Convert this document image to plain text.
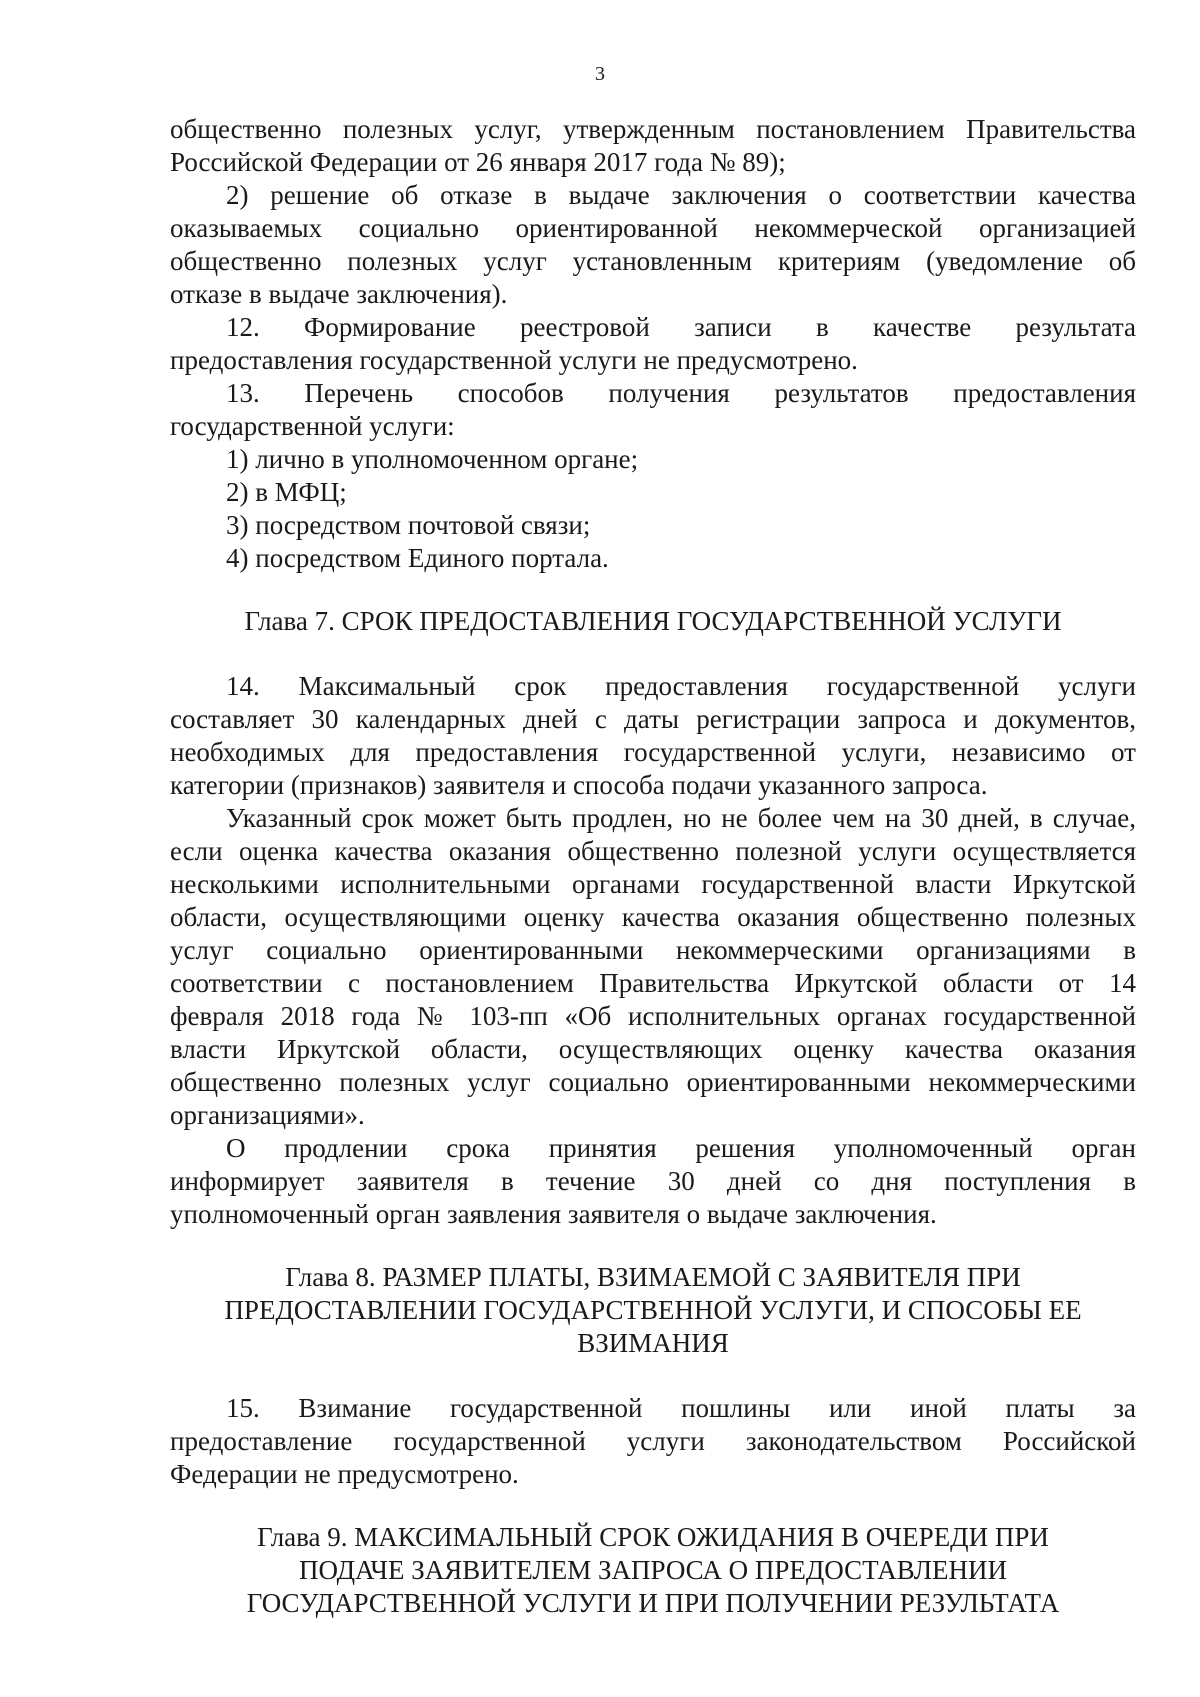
3

общественно полезных услуг, утвержденным постановлением Правительства

Российской Федерации от 26 января 2017 года № 89);

2) решение об отказе в выдаче заключения о соответствии качества

оказываемых социально ориентированной некоммерческой организацией

общественно полезных услуг установленным критериям (уведомление об

отказе в выдаче заключения).

12. Формирование реестровой записи в качестве результата

предоставления государственной услуги не предусмотрено.

13. Перечень способов получения результатов предоставления

государственной услуги:

1) лично в уполномоченном органе;

2) в МФЦ;

3) посредством почтовой связи;

4) посредством Единого портала.

Глава 7. СРОК ПРЕДОСТАВЛЕНИЯ ГОСУДАРСТВЕННОЙ УСЛУГИ

14. Максимальный срок предоставления государственной услуги

составляет 30 календарных дней с даты регистрации запроса и документов,

необходимых для предоставления государственной услуги, независимо от

категории (признаков) заявителя и способа подачи указанного запроса.

Указанный срок может быть продлен, но не более чем на 30 дней, в случае,

если оценка качества оказания общественно полезной услуги осуществляется

несколькими исполнительными органами государственной власти Иркутской

области, осуществляющими оценку качества оказания общественно полезных

услуг социально ориентированными некоммерческими организациями в

соответствии с постановлением Правительства Иркутской области от 14

февраля 2018 года № 103-пп «Об исполнительных органах государственной

власти Иркутской области, осуществляющих оценку качества оказания

общественно полезных услуг социально ориентированными некоммерческими

организациями».

О продлении срока принятия решения уполномоченный орган

информирует заявителя в течение 30 дней со дня поступления в

уполномоченный орган заявления заявителя о выдаче заключения.

Глава 8. РАЗМЕР ПЛАТЫ, ВЗИМАЕМОЙ С ЗАЯВИТЕЛЯ ПРИ
ПРЕДОСТАВЛЕНИИ ГОСУДАРСТВЕННОЙ УСЛУГИ, И СПОСОБЫ ЕЕ
ВЗИМАНИЯ

15. Взимание государственной пошлины или иной платы за

предоставление государственной услуги законодательством Российской

Федерации не предусмотрено.

Глава 9. МАКСИМАЛЬНЫЙ СРОК ОЖИДАНИЯ В ОЧЕРЕДИ ПРИ
ПОДАЧЕ ЗАЯВИТЕЛЕМ ЗАПРОСА О ПРЕДОСТАВЛЕНИИ
ГОСУДАРСТВЕННОЙ УСЛУГИ И ПРИ ПОЛУЧЕНИИ РЕЗУЛЬТАТА
